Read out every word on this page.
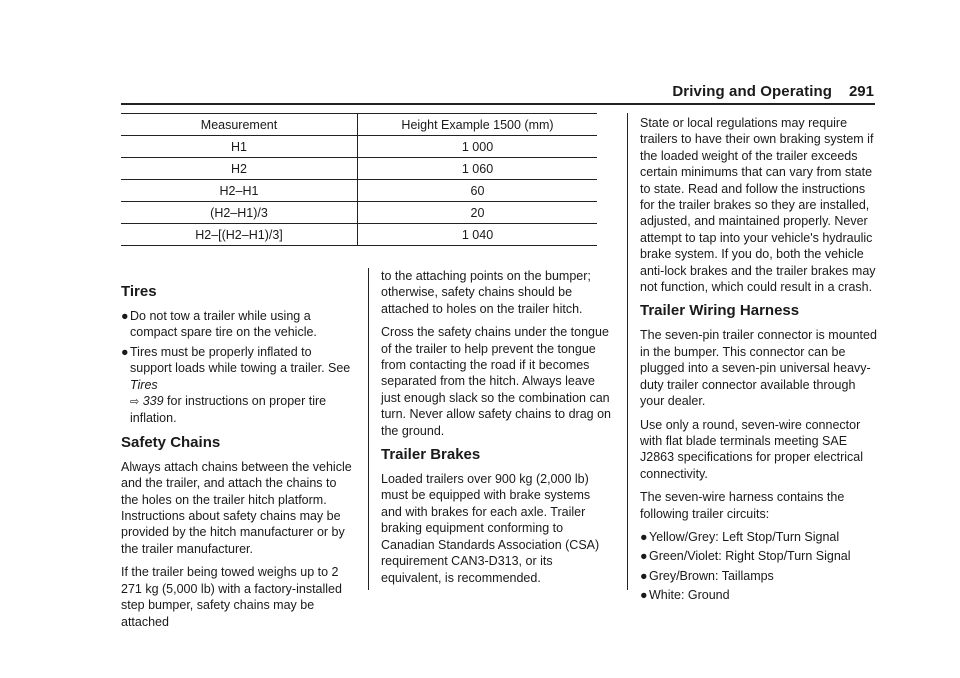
Driving and Operating 291
Measurement	Height Example 1500 (mm)
H1	1 000
H2	1 060
H2–H1	60
(H2–H1)/3	20
H2–[(H2–H1)/3]	1 040
Tires
● Do not tow a trailer while using a compact spare tire on the vehicle.
● Tires must be properly inflated to support loads while towing a trailer. See Tires
⇨ 339 for instructions on proper tire inflation.
Safety Chains

Always attach chains between the vehicle and the trailer, and attach the chains to the holes on the trailer hitch platform. Instructions about safety chains may be provided by the hitch manufacturer or by the trailer manufacturer.

If the trailer being towed weighs up to 2 271 kg (5,000 lb) with a factory-installed step bumper, safety chains may be attached

to the attaching points on the bumper; otherwise, safety chains should be attached to holes on the trailer hitch.

Cross the safety chains under the tongue of the trailer to help prevent the tongue from contacting the road if it becomes separated from the hitch. Always leave just enough slack so the combination can turn. Never allow safety chains to drag on the ground.

Trailer Brakes

Loaded trailers over 900 kg (2,000 lb) must be equipped with brake systems and with brakes for each axle. Trailer braking equipment conforming to Canadian Standards Association (CSA) requirement CAN3-D313, or its equivalent, is recommended.

State or local regulations may require trailers to have their own braking system if the loaded weight of the trailer exceeds certain minimums that can vary from state to state. Read and follow the instructions for the trailer brakes so they are installed, adjusted, and maintained properly. Never attempt to tap into your vehicle's hydraulic brake system. If you do, both the vehicle anti-lock brakes and the trailer brakes may not function, which could result in a crash.

Trailer Wiring Harness

The seven-pin trailer connector is mounted in the bumper. This connector can be plugged into a seven-pin universal heavy-duty trailer connector available through your dealer.

Use only a round, seven-wire connector with flat blade terminals meeting SAE J2863 specifications for proper electrical connectivity.

The seven-wire harness contains the following trailer circuits:

● Yellow/Grey: Left Stop/Turn Signal
● Green/Violet: Right Stop/Turn Signal
● Grey/Brown: Taillamps
● White: Ground
